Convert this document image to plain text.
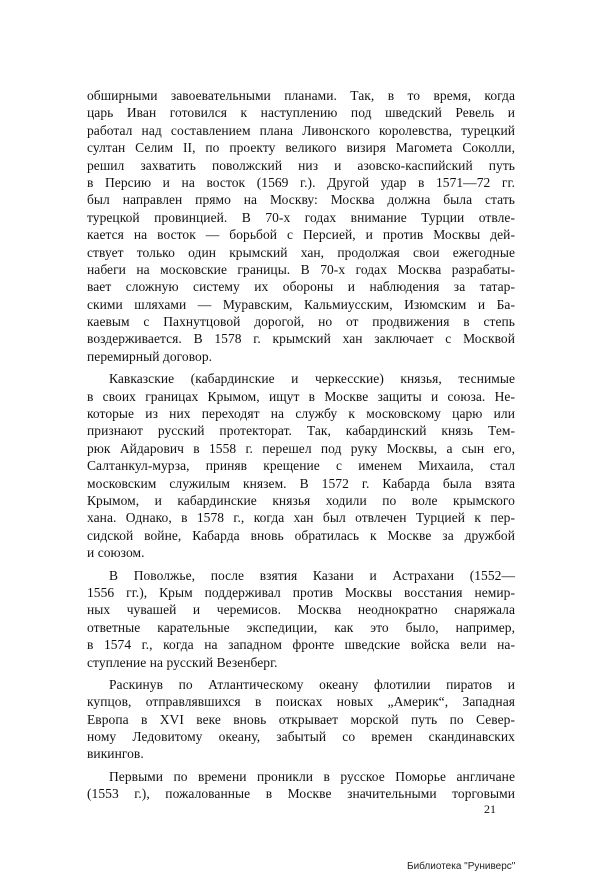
обширными завоевательными планами. Так, в то время, когда
царь Иван готовился к наступлению под шведский Ревель и
работал над составлением плана Ливонского королевства, турецкий
султан Селим II, по проекту великого визиря Магомета Соколли,
решил захватить поволжский низ и азовско-каспийский путь
в Персию и на восток (1569 г.). Другой удар в 1571—72 гг.
был направлен прямо на Москву: Москва должна была стать
турецкой провинцией. В 70-х годах внимание Турции отвле-
кается на восток — борьбой с Персией, и против Москвы дей-
ствует только один крымский хан, продолжая свои ежегодные
набеги на московские границы. В 70-х годах Москва разрабаты-
вает сложную систему их обороны и наблюдения за татар-
скими шляхами — Муравским, Кальмиусским, Изюмским и Ба-
каевым с Пахнутцовой дорогой, но от продвижения в степь
воздерживается. В 1578 г. крымский хан заключает с Москвой
перемирный договор.
Кавказские (кабардинские и черкесские) князья, теснимые
в своих границах Крымом, ищут в Москве защиты и союза. Не-
которые из них переходят на службу к московскому царю или
признают русский протекторат. Так, кабардинский князь Тем-
рюк Айдарович в 1558 г. перешел под руку Москвы, а сын его,
Салтанкул-мурза, приняв крещение с именем Михаила, стал
московским служилым князем. В 1572 г. Кабарда была взята
Крымом, и кабардинские князья ходили по воле крымского
хана. Однако, в 1578 г., когда хан был отвлечен Турцией к пер-
сидской войне, Кабарда вновь обратилась к Москве за дружбой
и союзом.
В Поволжье, после взятия Казани и Астрахани (1552—
1556 гг.), Крым поддерживал против Москвы восстания немир-
ных чувашей и черемисов. Москва неоднократно снаряжала
ответные карательные экспедиции, как это было, например,
в 1574 г., когда на западном фронте шведские войска вели на-
ступление на русский Везенберг.
Раскинув по Атлантическому океану флотилии пиратов и
купцов, отправлявшихся в поисках новых „Америк“, Западная
Европа в XVI веке вновь открывает морской путь по Север-
ному Ледовитому океану, забытый со времен скандинавских
викингов.
Первыми по времени проникли в русское Поморье англичане
(1553 г.), пожалованные в Москве значительными торговыми
21
Библиотека "Руниверс"
